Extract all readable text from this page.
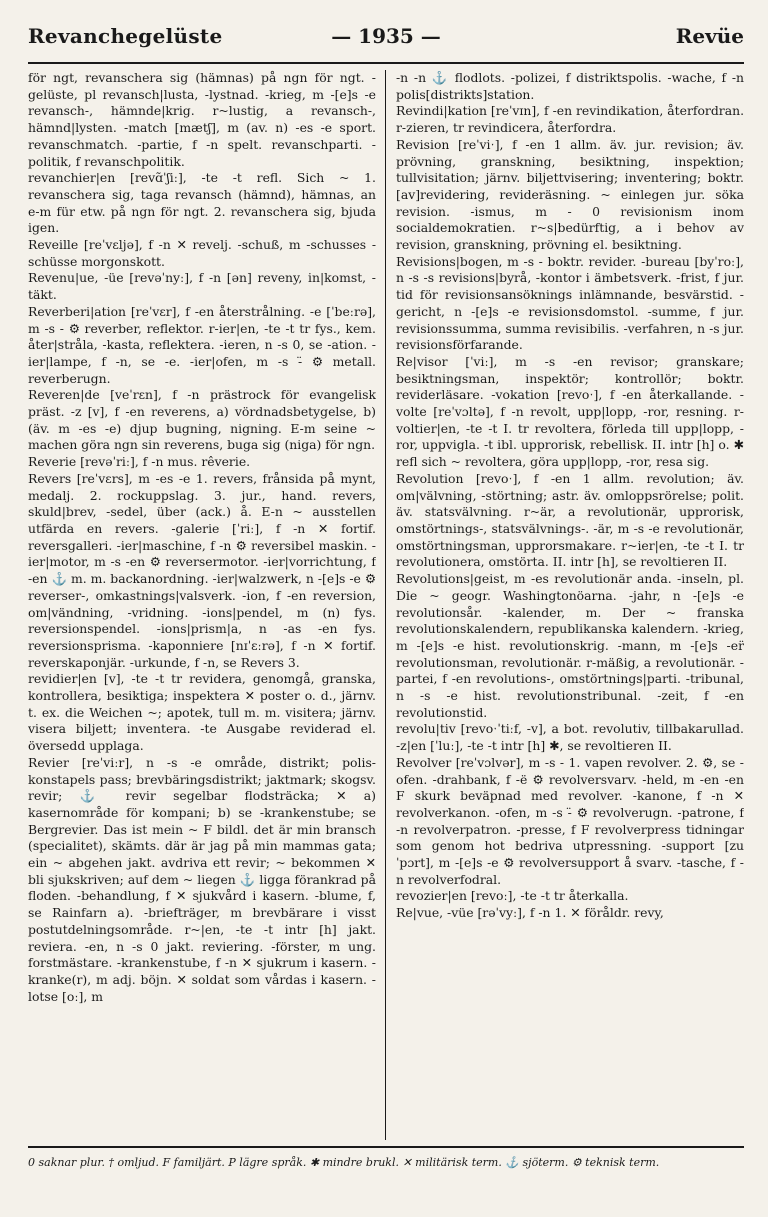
Revanchegelüste	— 1935 —	Revüe

för ngt, revanschera sig (hämnas) på ngn för ngt. -gelüste, pl revansch|lusta, -lystnad. -krieg, m -[e]s -e revansch-, hämnde|krig. r~lustig, a revansch-, hämnd|lysten. -match [mætʃ], m (av. n) -es -e sport. revanschmatch. -partie, f -n spelt. revanschparti. -politik, f revanschpolitik.

revanchier|en [revɑ̃ˈʃiː], -te -t refl. Sich ~ 1. revanschera sig, taga revansch (hämnd), hämnas, an e-m für etw. på ngn för ngt. 2. revanschera sig, bjuda igen.

Reveille [reˈvɛljə], f -n ✕ revelj. -schuß, m -schusses -schüsse morgonskott.

Revenu|ue, -üe [revəˈnyː], f -n [ən] reveny, in|komst, -täkt.

Reverberi|ation [reˈvɛr], f -en återstrålning. -e [ˈbeːrə], m -s - ⚙ reverber, reflektor. r-ier|en, -te -t tr fys., kem. åter|stråla, -kasta, reflektera. -ieren, n -s 0, se -ation. -ier|lampe, f -n, se -e. -ier|ofen, m -s -̈ ⚙ metall. reverberugn.

Reveren|de [veˈrɛn], f -n prästrock för evangelisk präst. -z [v], f -en reverens, a) vördnadsbetygelse, b) (äv. m -es -e) djup bugning, nigning. E-m seine ~ machen göra ngn sin reverens, buga sig (niga) för ngn.

Reverie [revəˈriː], f -n mus. rêverie.

Revers [reˈvɛrs], m -es -e 1. revers, frånsida på mynt, medalj. 2. rockuppslag. 3. jur., hand. revers, skuld|brev, -sedel, über (ack.) å. E-n ~ ausstellen utfärda en revers. -galerie [ˈriː], f -n ✕ fortif. reversgalleri. -ier|maschine, f -n ⚙ reversibel maskin. -ier|motor, m -s -en ⚙ reversermotor. -ier|vorrichtung, f -en ⚓ m. m. backanordning. -ier|walzwerk, n -[e]s -e ⚙ reverser-, omkastnings|valsverk. -ion, f -en reversion, om|vändning, -vridning. -ions|pendel, m (n) fys. reversionspendel. -ions|prism|a, n -as -en fys. reversionsprisma. -kaponniere [nɪˈɛːrə], f -n ✕ fortif. reverskaponjär. -urkunde, f -n, se Revers 3.

revidier|en [v], -te -t tr revidera, genomgå, granska, kontrollera, besiktiga; inspektera ✕ poster o. d., järnv. t. ex. die Weichen ~; apotek, tull m. m. visitera; järnv. visera biljett; inventera. -te Ausgabe reviderad el. översedd upplaga.

Revier [reˈviːr], n -s -e område, distrikt; polis-konstapels pass; brevbäringsdistrikt; jaktmark; skogsv. revir; ⚓ revir segelbar flodsträcka; ✕ a) kasernområde för kompani; b) se -krankenstube; se Bergrevier. Das ist mein ~ F bildl. det är min bransch (specialitet), skämts. där är jag på min mammas gata; ein ~ abgehen jakt. avdriva ett revir; ~ bekommen ✕ bli sjukskriven; auf dem ~ liegen ⚓ ligga förankrad på floden. -behandlung, f ✕ sjukvård i kasern. -blume, f, se Rainfarn a). -briefträger, m brevbärare i visst postutdelningsområde. r~|en, -te -t intr [h] jakt. reviera. -en, n -s 0 jakt. reviering. -förster, m ung. forstmästare. -krankenstube, f -n ✕ sjukrum i kasern. -kranke(r), m adj. böjn. ✕ soldat som vårdas i kasern. -lotse [oː], m

-n -n ⚓ flodlots. -polizei, f distriktspolis. -wache, f -n polis[distrikts]station.

Revindi|kation [reˈvɪn], f -en revindikation, återfordran. r-zieren, tr revindicera, återfordra.

Revision [reˈviˑ], f -en 1 allm. äv. jur. revision; äv. prövning, granskning, besiktning, inspektion; tullvisitation; järnv. biljettvisering; inventering; boktr. [av]revidering, revideräsning. ~ einlegen jur. söka revision. -ismus, m - 0 revisionism inom socialdemokratien. r~s|bedürftig, a i behov av revision, granskning, prövning el. besiktning.

Revisions|bogen, m -s - boktr. revider. -bureau [byˈroː], n -s -s revisions|byrå, -kontor i ämbetsverk. -frist, f jur. tid för revisionsansöknings inlämnande, besvärstid. -gericht, n -[e]s -e revisionsdomstol. -summe, f jur. revisionssumma, summa revisibilis. -verfahren, n -s jur. revisionsförfarande.

Re|visor [ˈviː], m -s -en revisor; granskare; besiktningsman, inspektör; kontrollör; boktr. reviderläsare. -vokation [revoˑ], f -en återkallande. -volte [reˈvɔltə], f -n revolt, upp|lopp, -ror, resning. r-voltier|en, -te -t I. tr revoltera, förleda till upp|lopp, -ror, uppvigla. -t ibl. upprorisk, rebellisk. II. intr [h] o. ✱ refl sich ~ revoltera, göra upp|lopp, -ror, resa sig.

Revolution [revoˑ], f -en 1 allm. revolution; äv. om|välvning, -störtning; astr. äv. omloppsrörelse; polit. äv. statsvälvning. r~är, a revolutionär, upprorisk, omstörtnings-, statsvälvnings-. -är, m -s -e revolutionär, omstörtningsman, upprorsmakare. r~ier|en, -te -t I. tr revolutionera, omstörta. II. intr [h], se revoltieren II.

Revolutions|geist, m -es revolutionär anda. -inseln, pl. Die ~ geogr. Washingtonöarna. -jahr, n -[e]s -e revolutionsår. -kalender, m. Der ~ franska revolutionskalendern, republikanska kalendern. -krieg, m -[e]s -e hist. revolutionskrig. -mann, m -[e]s -er̈ revolutionsman, revolutionär. r-mäßig, a revolutionär. -partei, f -en revolutions-, omstörtnings|parti. -tribunal, n -s -e hist. revolutionstribunal. -zeit, f -en revolutionstid.

revolu|tiv [revoˑˈtiːf, -v], a bot. revolutiv, tillbakarullad. -z|en [ˈluː], -te -t intr [h] ✱, se revoltieren II.

Revolver [reˈvɔlvər], m -s - 1. vapen revolver. 2. ⚙, se -ofen. -drahbank, f -ë ⚙ revolversvarv. -held, m -en -en F skurk beväpnad med revolver. -kanone, f -n ✕ revolverkanon. -ofen, m -s -̈ ⚙ revolverugn. -patrone, f -n revolverpatron. -presse, f F revolverpress tidningar som genom hot bedriva utpressning. -support [zuˈpɔrt], m -[e]s -e ⚙ revolversupport å svarv. -tasche, f -n revolverfodral.

revozier|en [revoː], -te -t tr återkalla.

Re|vue, -vüe [rəˈvyː], f -n 1. ✕ föråldr. revy,

0 saknar plur. † omljud. F familjärt. P lägre språk. ✱ mindre brukl. ✕ militärisk term. ⚓ sjöterm. ⚙ teknisk term.
